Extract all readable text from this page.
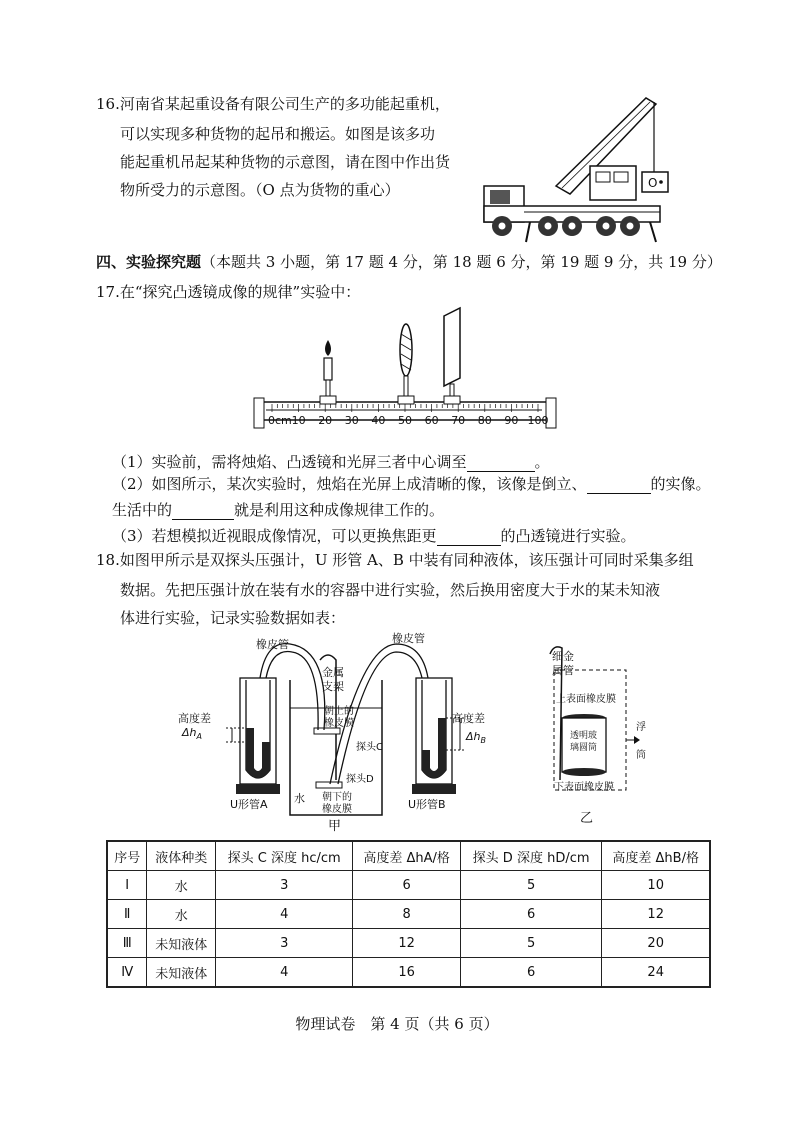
16.河南省某起重设备有限公司生产的多功能起重机，
可以实现多种货物的起吊和搬运。如图是该多功
能起重机吊起某种货物的示意图，请在图中作出货
物所受力的示意图。（O 点为货物的重心）	O
四、实验探究题（本题共 3 小题，第 17 题 4 分，第 18 题 6 分，第 19 题 9 分，共 19 分）
17.在“探究凸透镜成像的规律”实验中：
0cm 10 20 30 40 50 60 70 80 90 100
（1）实验前，需将烛焰、凸透镜和光屏三者中心调至	。
（2）如图所示，某次实验时，烛焰在光屏上成清晰的像，该像是倒立、	的实像。
生活中的	就是利用这种成像规律工作的。
（3）若想模拟近视眼成像情况，可以更换焦距更	的凸透镜进行实验。
18.如图甲所示是双探头压强计，U 形管 A、B 中装有同种液体，该压强计可同时采集多组
数据。先把压强计放在装有水的容器中进行实验，然后换用密度大于水的某未知液
体进行实验，记录实验数据如表：
橡皮管	橡皮管
金属
支架
高度差
$\Delta h_A$
高度差
$\Delta h_B$
朝上的
橡皮膜
探头C
探头D
朝下的
橡皮膜
水
U形管A	U形管B
甲
细金
属管
上表面橡皮膜
透明玻
璃圆筒
浮
筒
下表面橡皮膜
乙
序号	液体种类	探头 C 深度 hc/cm	高度差 ΔhA/格	探头 D 深度 hD/cm	高度差 ΔhB/格
Ⅰ	水	3	6	5	10
Ⅱ	水	4	8	6	12
Ⅲ	未知液体	3	12	5	20
Ⅳ	未知液体	4	16	6	24
物理试卷　第 4 页（共 6 页）
